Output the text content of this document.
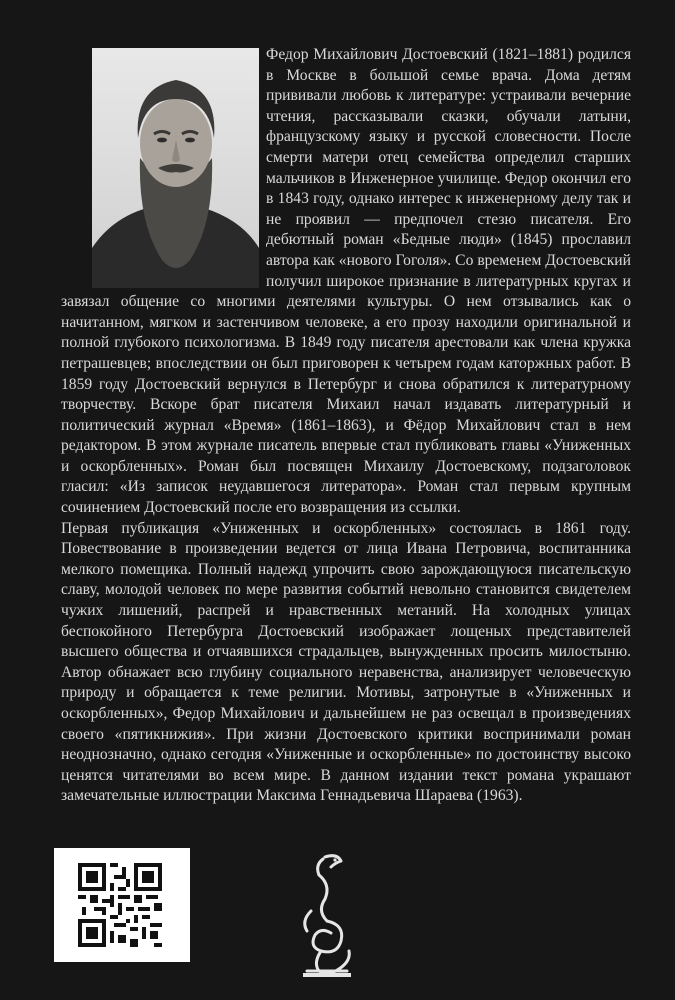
Федор Михайлович Достоевский (1821–1881) родился в Москве в большой семье врача. Дома детям прививали любовь к литературе: устраивали вечерние чтения, рассказывали сказки, обучали латыни, французскому языку и русской словесности. После смерти матери отец семейства определил старших мальчиков в Инженерное училище. Федор окончил его в 1843 году, однако интерес к инженерному делу так и не проявил — предпочел стезю писателя. Его дебютный роман «Бедные люди» (1845) прославил автора как «нового Гоголя». Со временем Достоевский получил широкое признание в литературных кругах и завязал общение со многими деятелями культуры. О нем отзывались как о начитанном, мягком и застенчивом человеке, а его прозу находили оригинальной и полной глубокого психологизма. В 1849 году писателя арестовали как члена кружка петрашевцев; впоследствии он был приговорен к четырем годам каторжных работ. В 1859 году Достоевский вернулся в Петербург и снова обратился к литературному творчеству. Вскоре брат писателя Михаил начал издавать литературный и политический журнал «Время» (1861–1863), и Фёдор Михайлович стал в нем редактором. В этом журнале писатель впервые стал публиковать главы «Униженных и оскорбленных». Роман был посвящен Михаилу Достоевскому, подзаголовок гласил: «Из записок неудавшегося литератора». Роман стал первым крупным сочинением Достоевский после его возвращения из ссылки.

Первая публикация «Униженных и оскорбленных» состоялась в 1861 году. Повествование в произведении ведется от лица Ивана Петровича, воспитанника мелкого помещика. Полный надежд упрочить свою зарождающуюся писательскую славу, молодой человек по мере развития событий невольно становится свидетелем чужих лишений, распрей и нравственных метаний. На холодных улицах беспокойного Петербурга Достоевский изображает лощеных представителей высшего общества и отчаявшихся страдальцев, вынужденных просить милостыню. Автор обнажает всю глубину социального неравенства, анализирует человеческую природу и обращается к теме религии. Мотивы, затронутые в «Униженных и оскорбленных», Федор Михайлович и дальнейшем не раз освещал в произведениях своего «пятикнижия». При жизни Достоевского критики воспринимали роман неоднозначно, однако сегодня «Униженные и оскорбленные» по достоинству высоко ценятся читателями во всем мире. В данном издании текст романа украшают замечательные иллюстрации Максима Геннадьевича Шараева (1963).
